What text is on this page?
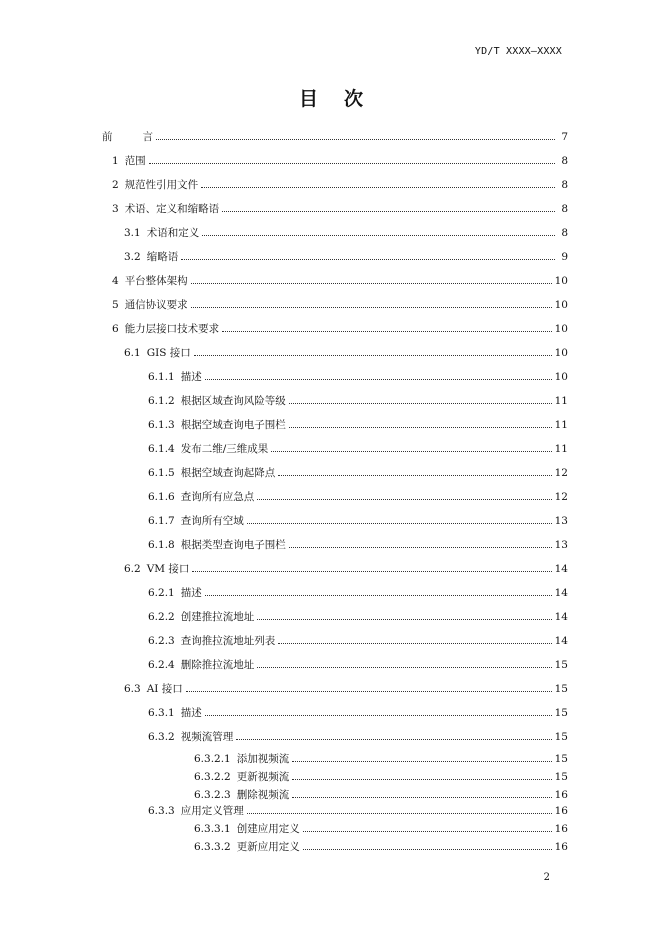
YD/T XXXX—XXXX
目 次
前	言	7
1 范围	8
2 规范性引用文件	8
3 术语、定义和缩略语	8
3.1 术语和定义	8
3.2 缩略语	9
4 平台整体架构	10
5 通信协议要求	10
6 能力层接口技术要求	10
6.1 GIS 接口	10
6.1.1 描述	10
6.1.2 根据区域查询风险等级	11
6.1.3 根据空域查询电子围栏	11
6.1.4 发布二维/三维成果	11
6.1.5 根据空域查询起降点	12
6.1.6 查询所有应急点	12
6.1.7 查询所有空域	13
6.1.8 根据类型查询电子围栏	13
6.2 VM 接口	14
6.2.1 描述	14
6.2.2 创建推拉流地址	14
6.2.3 查询推拉流地址列表	14
6.2.4 删除推拉流地址	15
6.3 AI 接口	15
6.3.1 描述	15
6.3.2 视频流管理	15
6.3.2.1 添加视频流	15
6.3.2.2 更新视频流	15
6.3.2.3 删除视频流	16
6.3.3 应用定义管理	16
6.3.3.1 创建应用定义	16
6.3.3.2 更新应用定义	16
2
